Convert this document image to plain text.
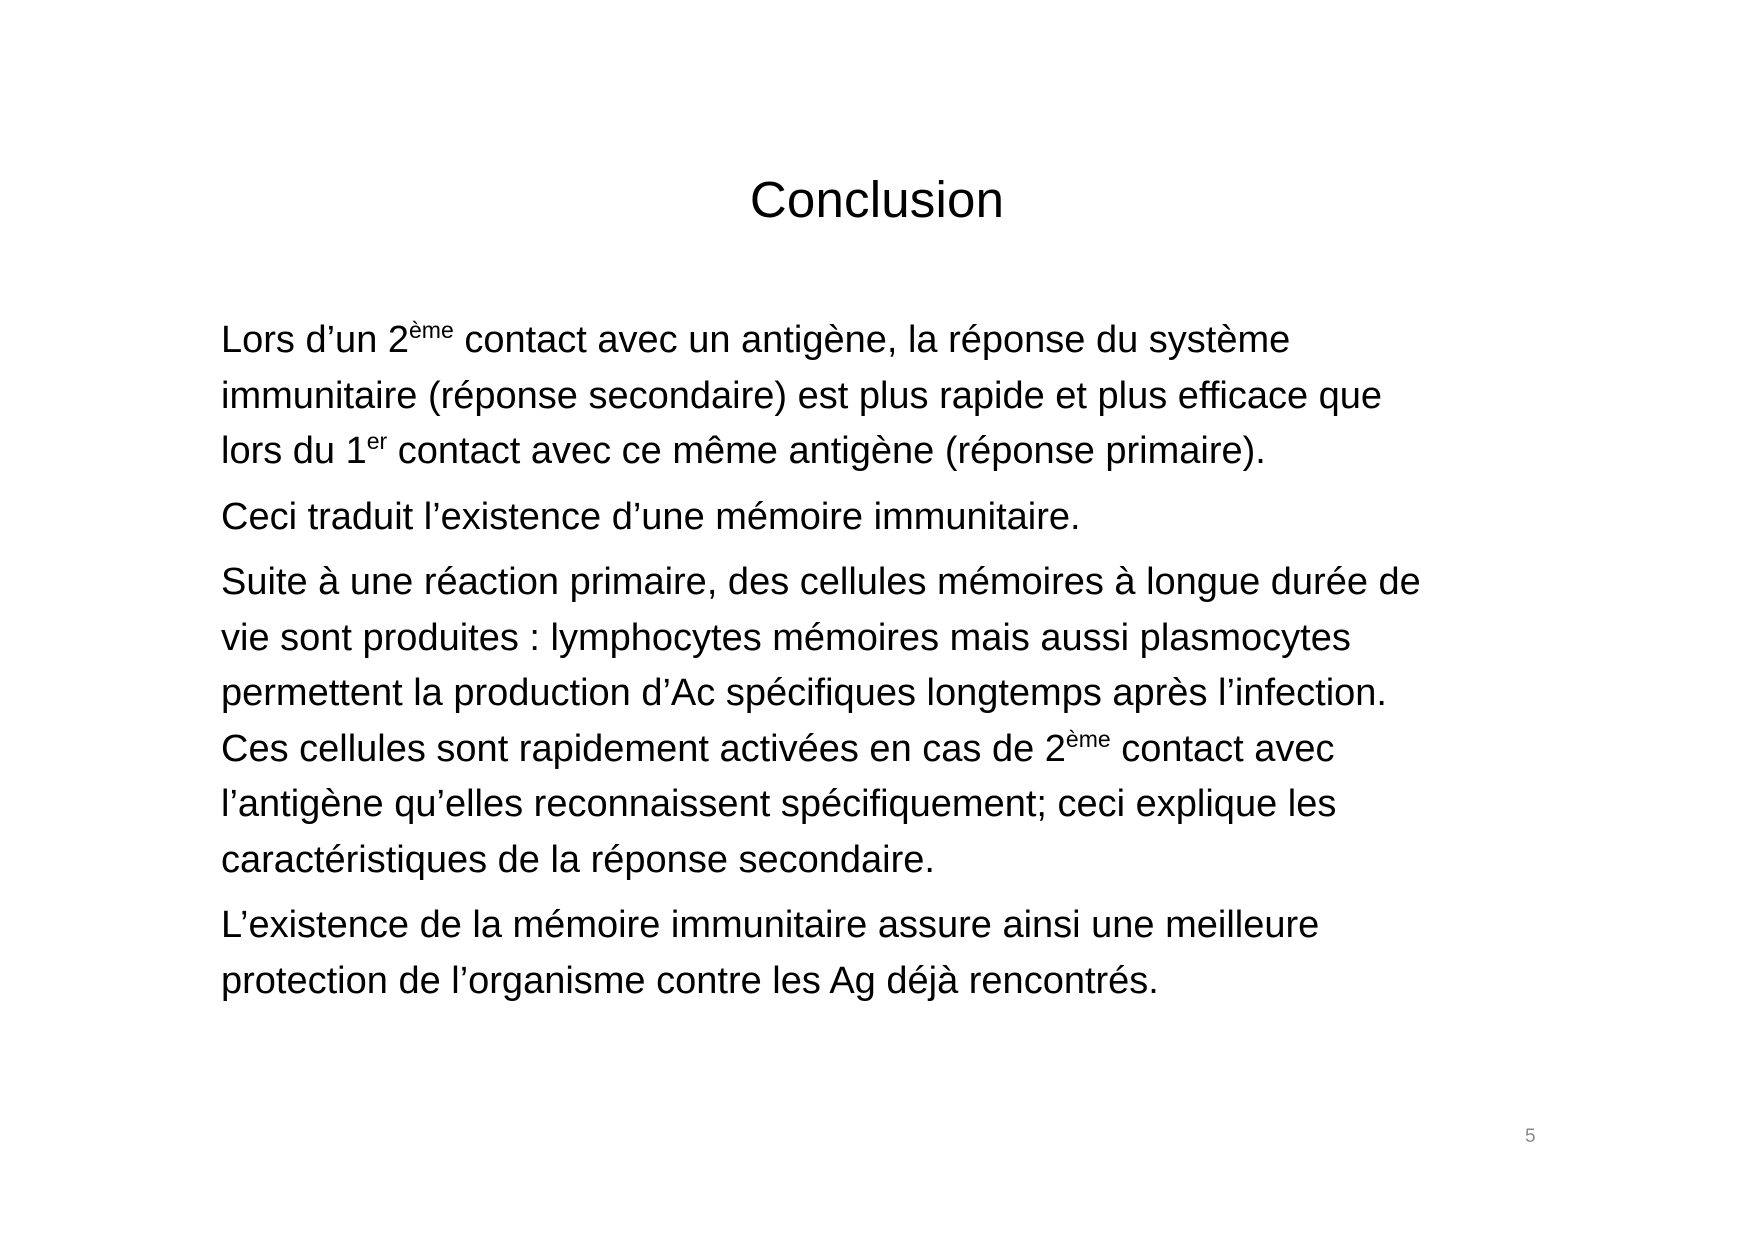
Conclusion

Lors d’un 2ème contact avec un antigène, la réponse du système
immunitaire (réponse secondaire) est plus rapide et plus efficace que
lors du 1er contact avec ce même antigène (réponse primaire).

Ceci traduit l’existence d’une mémoire immunitaire.

Suite à une réaction primaire, des cellules mémoires à longue durée de
vie sont produites : lymphocytes mémoires mais aussi plasmocytes
permettent la production d’Ac spécifiques longtemps après l’infection.
Ces cellules sont rapidement activées en cas de 2ème contact avec
l’antigène qu’elles reconnaissent spécifiquement; ceci explique les
caractéristiques de la réponse secondaire.

L’existence de la mémoire immunitaire assure ainsi une meilleure
protection de l’organisme contre les Ag déjà rencontrés.

5
